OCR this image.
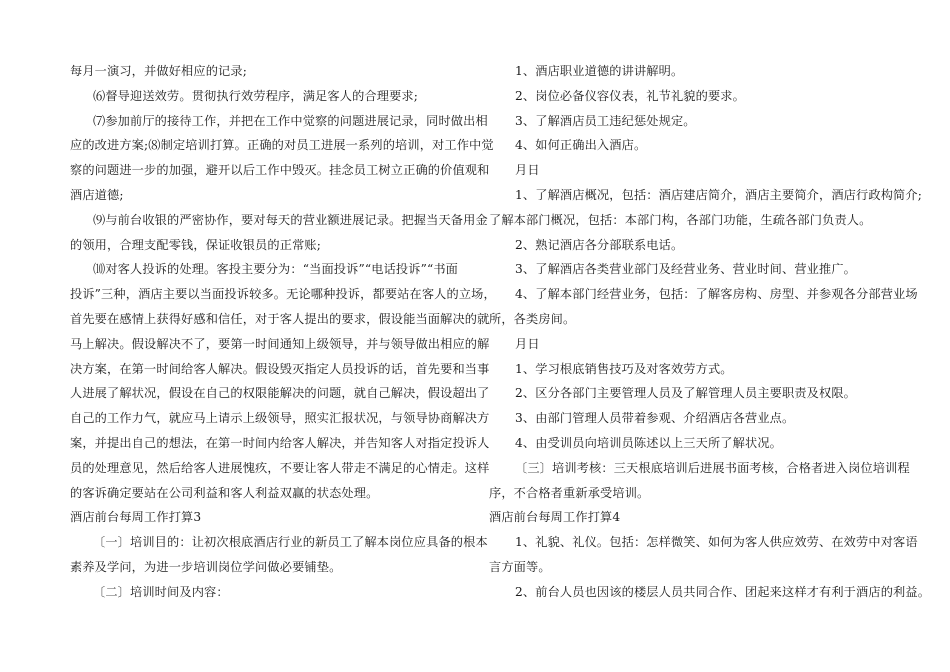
每月一演习，并做好相应的记录;
⑹督导迎送效劳。贯彻执行效劳程序，满足客人的合理要求;
⑺参加前厅的接待工作，并把在工作中觉察的问题进展记录，同时做出相
应的改进方案;⑻制定培训打算。正确的对员工进展一系列的培训，对工作中觉
察的问题进一步的加强，避开以后工作中毁灭。挂念员工树立正确的价值观和
酒店道德;
⑼与前台收银的严密协作，要对每天的营业额进展记录。把握当天备用金
的领用，合理支配零钱，保证收银员的正常账;
⑽对客人投诉的处理。客投主要分为：“当面投诉”“电话投诉”“书面
投诉”三种，酒店主要以当面投诉较多。无论哪种投诉，都要站在客人的立场，
首先要在感情上获得好感和信任，对于客人提出的要求，假设能当面解决的就
马上解决。假设解决不了，要第一时间通知上级领导，并与领导做出相应的解
决方案，在第一时间给客人解决。假设毁灭指定人员投诉的话，首先要和当事
人进展了解状况，假设在自己的权限能解决的问题，就自己解决，假设超出了
自己的工作力气，就应马上请示上级领导，照实汇报状况，与领导协商解决方
案，并提出自己的想法，在第一时间内给客人解决，并告知客人对指定投诉人
员的处理意见，然后给客人进展愧疚，不要让客人带走不满足的心情走。这样
的客诉确定要站在公司利益和客人利益双赢的状态处理。
酒店前台每周工作打算3
〔一〕培训目的：让初次根底酒店行业的新员工了解本岗位应具备的根本
素养及学问，为进一步培训岗位学问做必要铺垫。
〔二〕培训时间及内容：
1、酒店职业道德的讲讲解明。
2、岗位必备仪容仪表，礼节礼貌的要求。
3、了解酒店员工违纪惩处规定。
4、如何正确出入酒店。
月日
1、了解酒店概况，包括：酒店建店简介，酒店主要简介，酒店行政构简介;
了解本部门概况，包括：本部门构，各部门功能，生疏各部门负责人。
2、熟记酒店各分部联系电话。
3、了解酒店各类营业部门及经营业务、营业时间、营业推广。
4、了解本部门经营业务，包括：了解客房构、房型、并参观各分部营业场
所，各类房间。
月日
1、学习根底销售技巧及对客效劳方式。
2、区分各部门主要管理人员及了解管理人员主要职责及权限。
3、由部门管理人员带着参观、介绍酒店各营业点。
4、由受训员向培训员陈述以上三天所了解状况。
〔三〕培训考核：三天根底培训后进展书面考核，合格者进入岗位培训程
序，不合格者重新承受培训。
酒店前台每周工作打算4
1、礼貌、礼仪。包括：怎样微笑、如何为客人供应效劳、在效劳中对客语
言方面等。
2、前台人员也因该的楼层人员共同合作、团起来这样才有利于酒店的利益。
